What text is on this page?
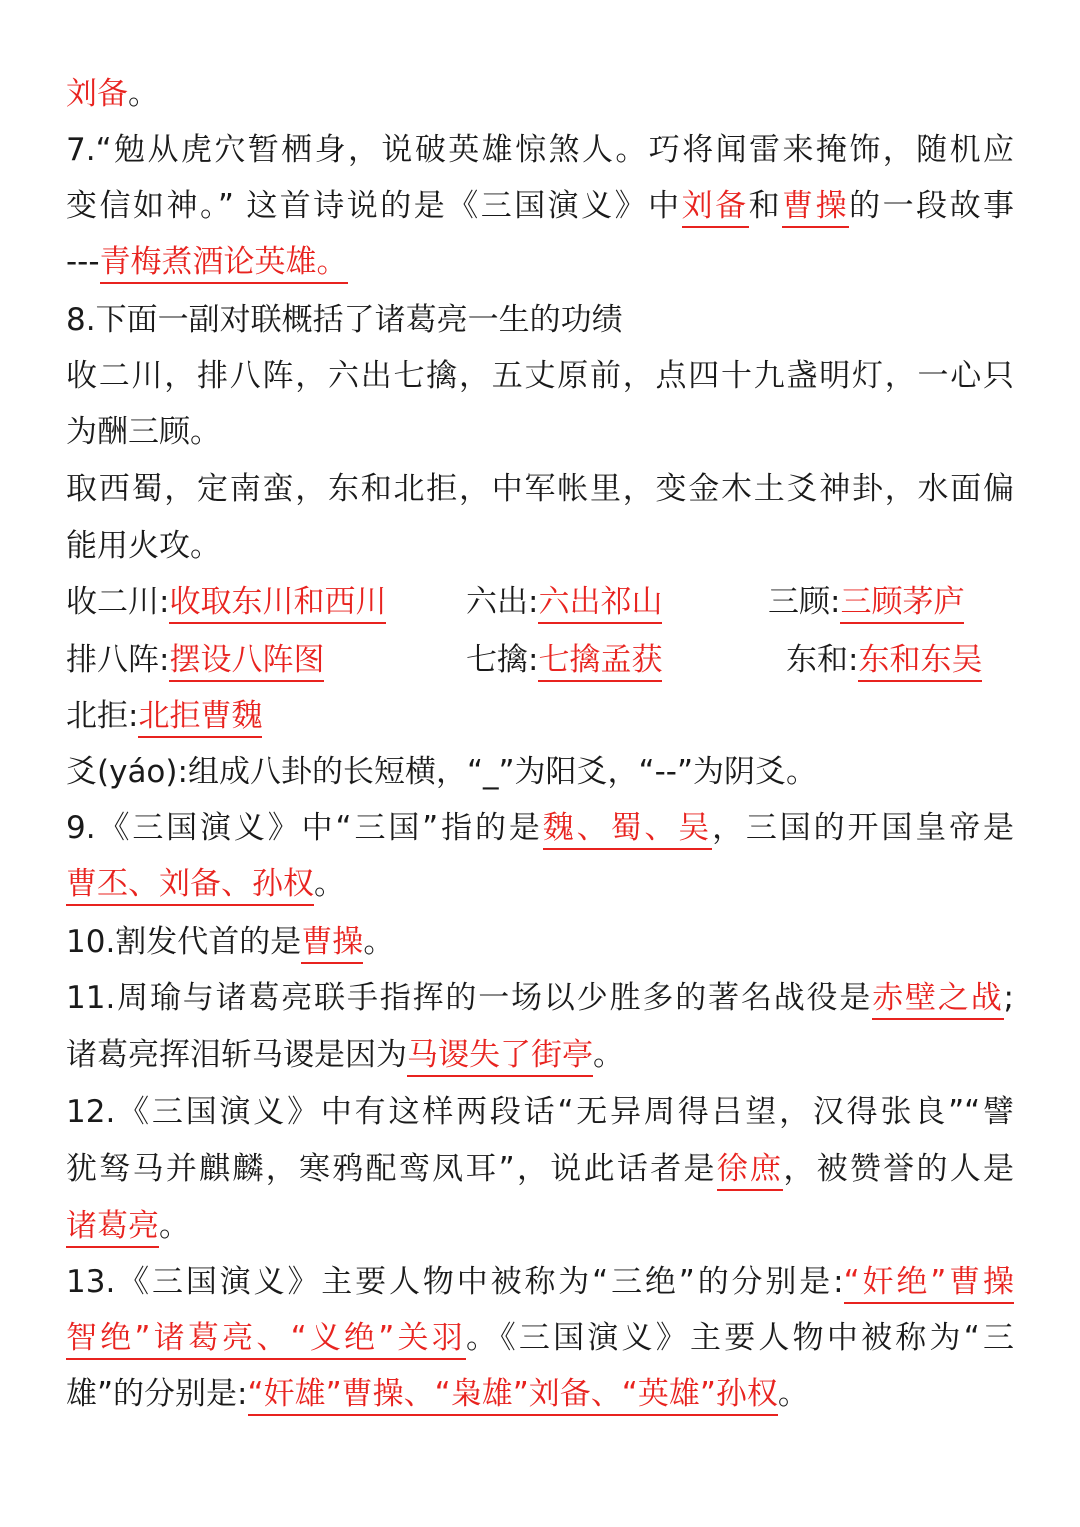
刘备。
7.“勉从虎穴暂栖身，说破英雄惊煞人。巧将闻雷来掩饰，随机应
变信如神。” 这首诗说的是《三国演义》中刘备和曹操的一段故事
---青梅煮酒论英雄。
8.下面一副对联概括了诸葛亮一生的功绩
收二川，排八阵，六出七擒，五丈原前，点四十九盏明灯，一心只
为酬三顾。
取西蜀，定南蛮，东和北拒，中军帐里，变金木土爻神卦，水面偏
能用火攻。
收二川:收取东川和西川	六出:六出祁山	三顾:三顾茅庐
排八阵:摆设八阵图	七擒:七擒孟获	东和:东和东吴
北拒:北拒曹魏
爻(yáo):组成八卦的长短横，“_”为阳爻，“--”为阴爻。
9.《三国演义》中“三国”指的是魏、蜀、吴，三国的开国皇帝是
曹丕、刘备、孙权。
10.割发代首的是曹操。
11.周瑜与诸葛亮联手指挥的一场以少胜多的著名战役是赤壁之战;
诸葛亮挥泪斩马谡是因为马谡失了街亭。
12.《三国演义》中有这样两段话“无异周得吕望，汉得张良”“譬
犹驽马并麒麟，寒鸦配鸾凤耳”，说此话者是徐庶，被赞誉的人是
诸葛亮。
13.《三国演义》主要人物中被称为“三绝”的分别是:“奸绝”曹操
智绝”诸葛亮、“义绝”关羽。《三国演义》主要人物中被称为“三
雄”的分别是:“奸雄”曹操、“枭雄”刘备、“英雄”孙权。
